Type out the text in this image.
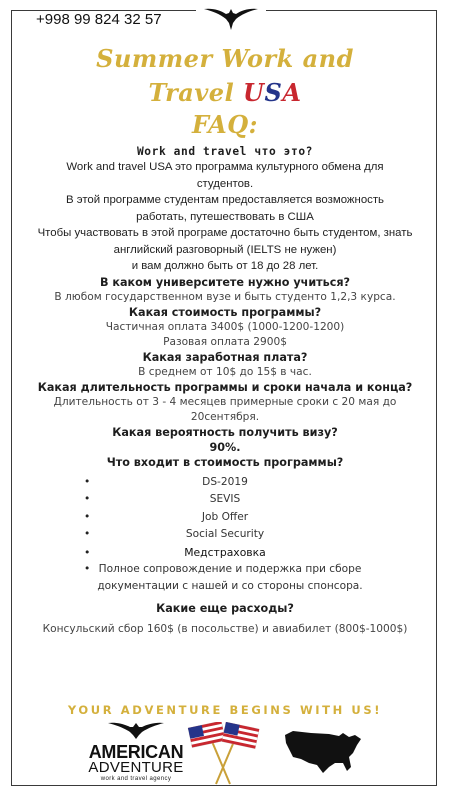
+998 99 824 32 57
Summer Work and
Travel USA
FAQ:
Work and travel что это?
Work and travel USA это программа культурного обмена для
студентов.
В этой программе студентам предоставляется возможность
работать, путешествовать в США
Чтобы участвовать в этой програме достаточно быть студентом, знать
английский разговорный (IELTS не нужен)
и вам должно быть от 18 до 28 лет.
В каком университете нужно учиться?
В любом государственном вузе и быть студенто 1,2,3 курса.
Какая стоимость программы?
Частичная оплата 3400$ (1000-1200-1200)
Разовая оплата 2900$
Какая заработная плата?
В среднем от 10$ до 15$ в час.
Какая длительность программы и сроки начала и конца?
Длительность от 3 - 4 месяцев примерные сроки с 20 мая до
20сентября.
Какая вероятность получить визу?
90%.
Что входит в стоимость программы?
• DS-2019
• SEVIS
• Job Offer
• Social Security
• Медстраховка
• Полное сопровождение и подержка при сборе документации с нашей и со стороны спонсора.
Какие еще расходы?
Консульский сбор 160$ (в посольстве) и авиабилет (800$-1000$)
YOUR ADVENTURE BEGINS WITH US!
AMERICAN
ADVENTURE
work and travel agency
